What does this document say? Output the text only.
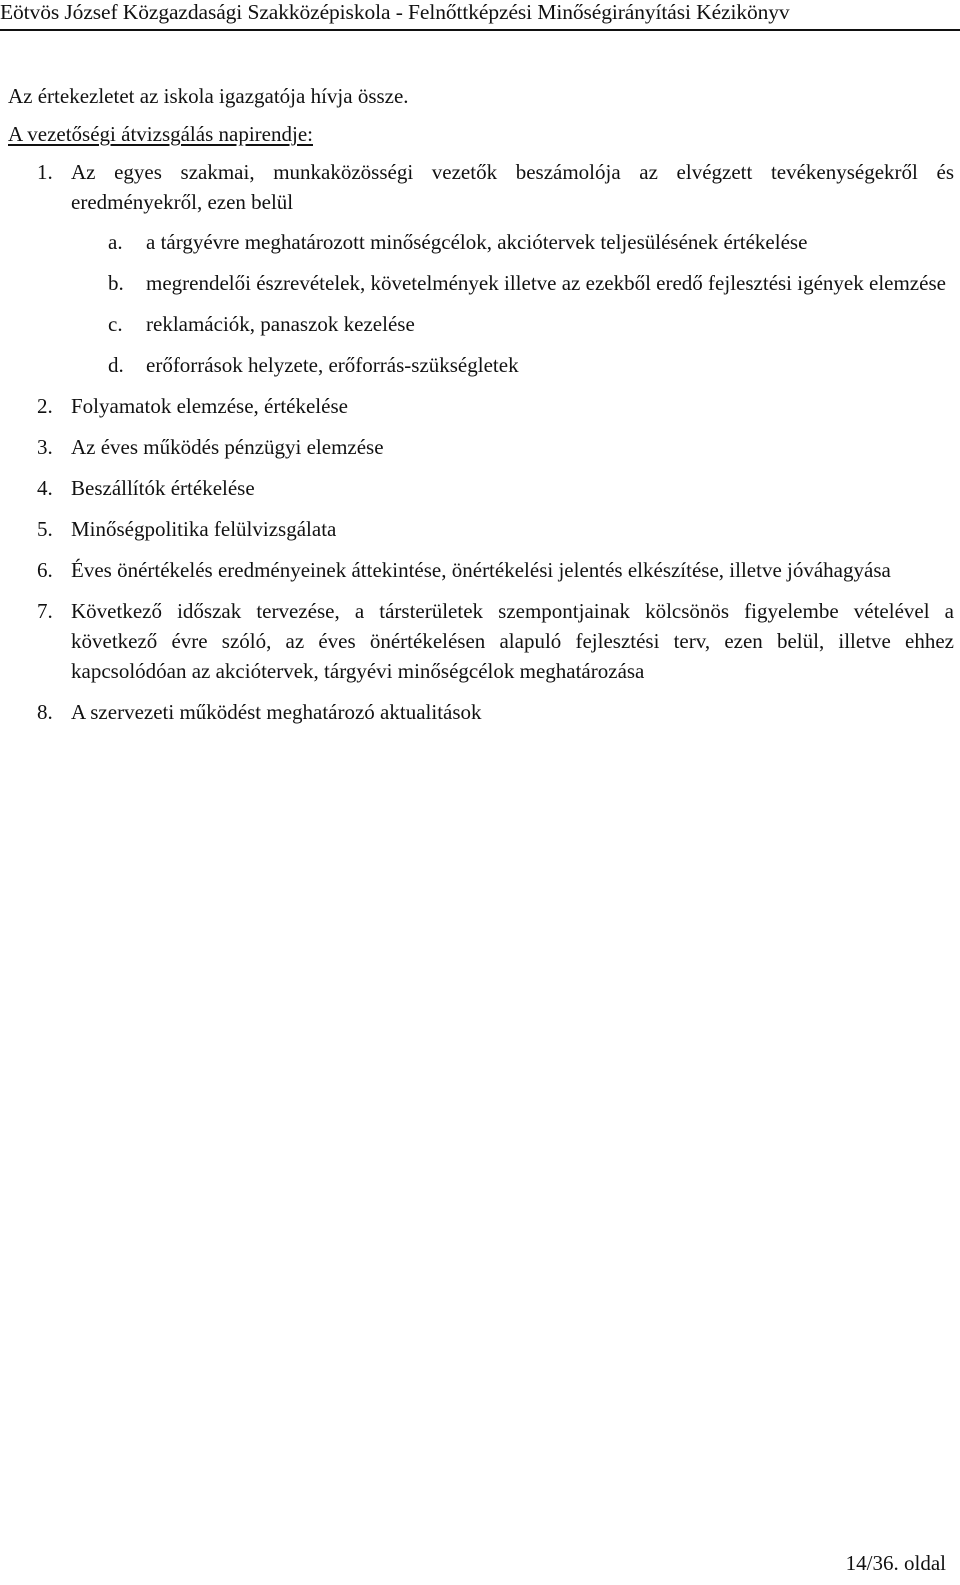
Eötvös József Közgazdasági Szakközépiskola - Felnőttképzési Minőségirányítási Kézikönyv

Az értekezletet az iskola igazgatója hívja össze.

A vezetőségi átvizsgálás napirendje:

1. Az egyes szakmai, munkaközösségi vezetők beszámolója az elvégzett tevékenységekről és eredményekről, ezen belül
a. a tárgyévre meghatározott minőségcélok, akciótervek teljesülésének értékelése
b. megrendelői észrevételek, követelmények illetve az ezekből eredő fejlesztési igények elemzése
c. reklamációk, panaszok kezelése
d. erőforrások helyzete, erőforrás-szükségletek
2. Folyamatok elemzése, értékelése
3. Az éves működés pénzügyi elemzése
4. Beszállítók értékelése
5. Minőségpolitika felülvizsgálata
6. Éves önértékelés eredményeinek áttekintése, önértékelési jelentés elkészítése, illetve jóváhagyása
7. Következő időszak tervezése, a társterületek szempontjainak kölcsönös figyelembe vételével a következő évre szóló, az éves önértékelésen alapuló fejlesztési terv, ezen belül, illetve ehhez kapcsolódóan az akciótervek, tárgyévi minőségcélok meghatározása
8. A szervezeti működést meghatározó aktualitások
14/36. oldal
